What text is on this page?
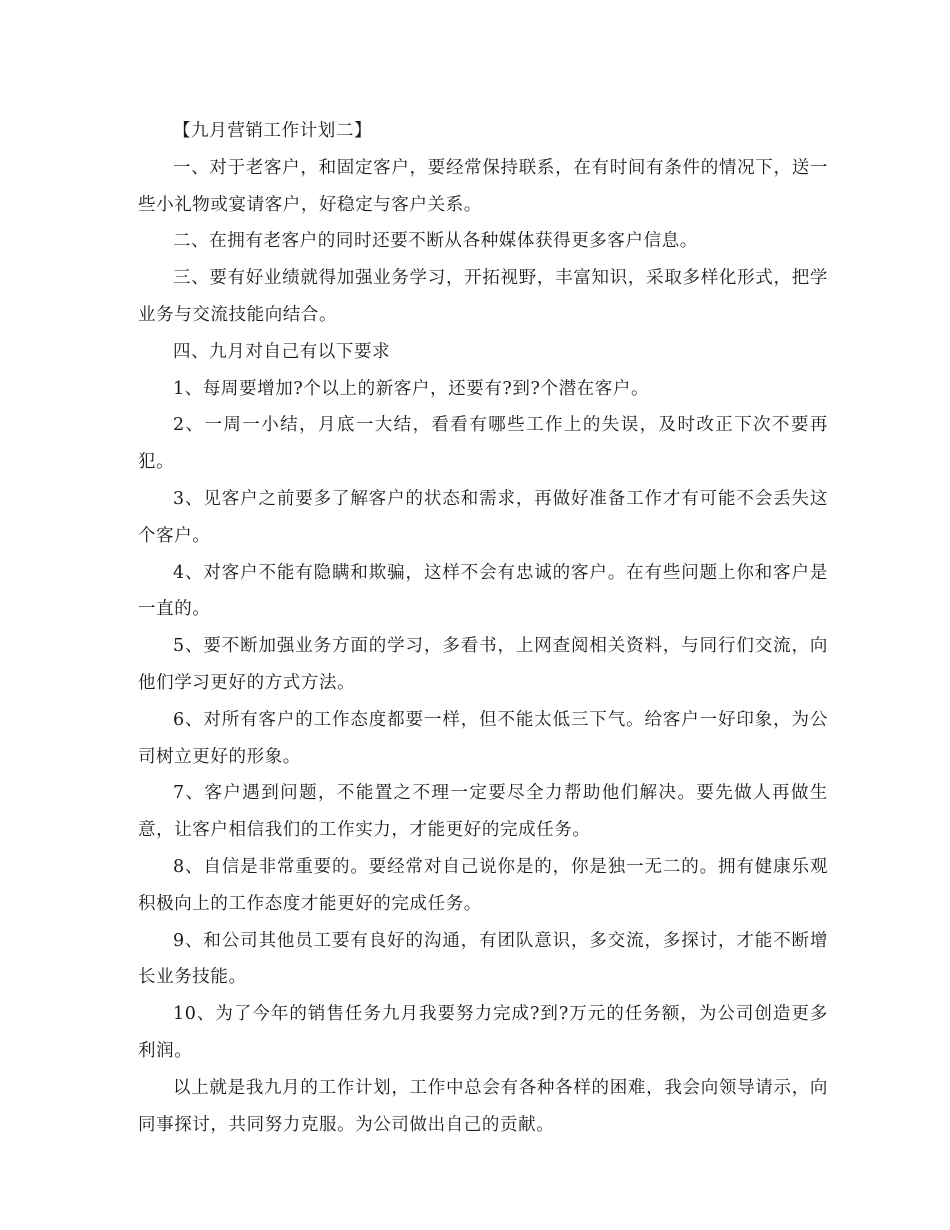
【九月营销工作计划二】

一、对于老客户，和固定客户，要经常保持联系，在有时间有条件的情况下，送一些小礼物或宴请客户，好稳定与客户关系。

二、在拥有老客户的同时还要不断从各种媒体获得更多客户信息。

三、要有好业绩就得加强业务学习，开拓视野，丰富知识，采取多样化形式，把学业务与交流技能向结合。

四、九月对自己有以下要求

1、每周要增加?个以上的新客户，还要有?到?个潜在客户。

2、一周一小结，月底一大结，看看有哪些工作上的失误，及时改正下次不要再犯。

3、见客户之前要多了解客户的状态和需求，再做好准备工作才有可能不会丢失这个客户。

4、对客户不能有隐瞒和欺骗，这样不会有忠诚的客户。在有些问题上你和客户是一直的。

5、要不断加强业务方面的学习，多看书，上网查阅相关资料，与同行们交流，向他们学习更好的方式方法。

6、对所有客户的工作态度都要一样，但不能太低三下气。给客户一好印象，为公司树立更好的形象。

7、客户遇到问题，不能置之不理一定要尽全力帮助他们解决。要先做人再做生意，让客户相信我们的工作实力，才能更好的完成任务。

8、自信是非常重要的。要经常对自己说你是的，你是独一无二的。拥有健康乐观积极向上的工作态度才能更好的完成任务。

9、和公司其他员工要有良好的沟通，有团队意识，多交流，多探讨，才能不断增长业务技能。

10、为了今年的销售任务九月我要努力完成?到?万元的任务额，为公司创造更多利润。

以上就是我九月的工作计划，工作中总会有各种各样的困难，我会向领导请示，向同事探讨，共同努力克服。为公司做出自己的贡献。
